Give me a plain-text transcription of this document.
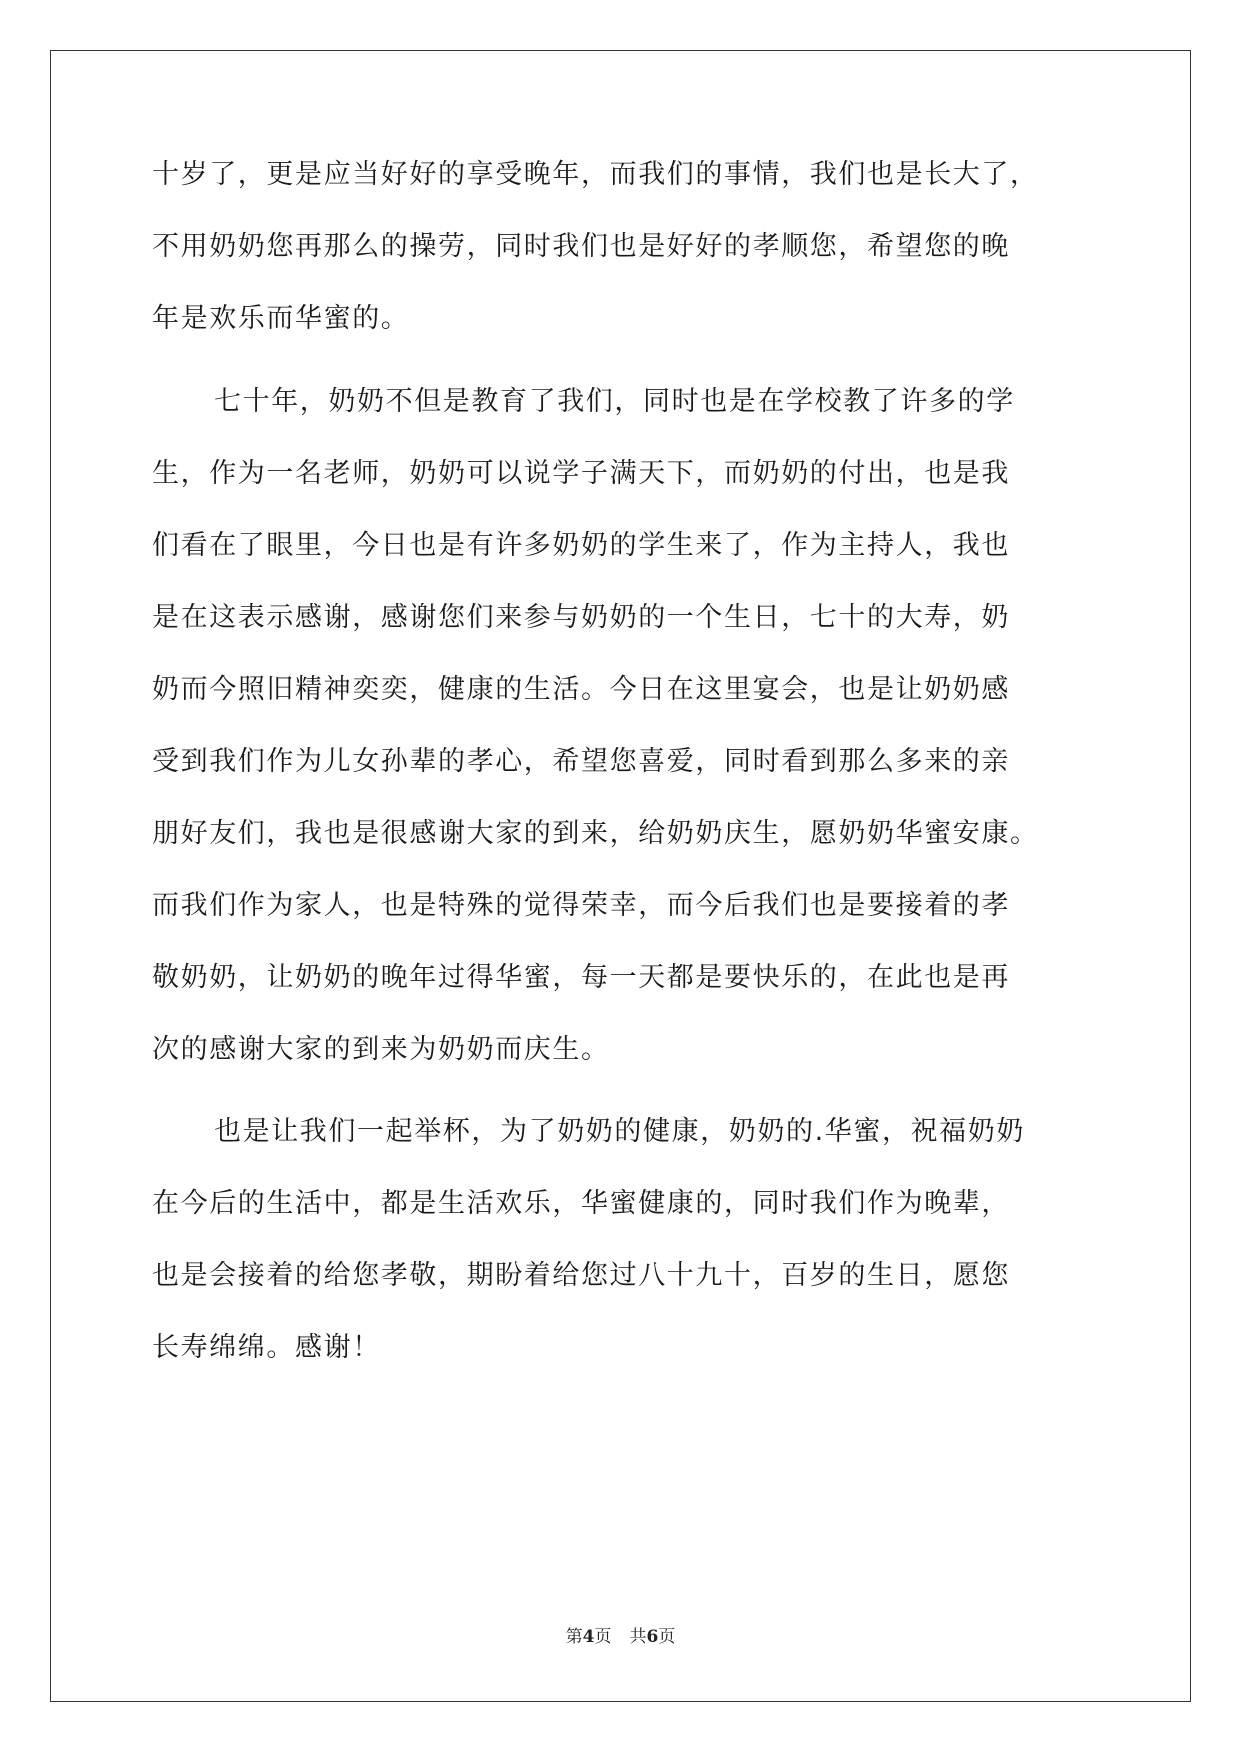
十岁了，更是应当好好的享受晚年，而我们的事情，我们也是长大了，
不用奶奶您再那么的操劳，同时我们也是好好的孝顺您，希望您的晚
年是欢乐而华蜜的。
七十年，奶奶不但是教育了我们，同时也是在学校教了许多的学
生，作为一名老师，奶奶可以说学子满天下，而奶奶的付出，也是我
们看在了眼里，今日也是有许多奶奶的学生来了，作为主持人，我也
是在这表示感谢，感谢您们来参与奶奶的一个生日，七十的大寿，奶
奶而今照旧精神奕奕，健康的生活。今日在这里宴会，也是让奶奶感
受到我们作为儿女孙辈的孝心，希望您喜爱，同时看到那么多来的亲
朋好友们，我也是很感谢大家的到来，给奶奶庆生，愿奶奶华蜜安康。
而我们作为家人，也是特殊的觉得荣幸，而今后我们也是要接着的孝
敬奶奶，让奶奶的晚年过得华蜜，每一天都是要快乐的，在此也是再
次的感谢大家的到来为奶奶而庆生。
也是让我们一起举杯，为了奶奶的健康，奶奶的.华蜜，祝福奶奶
在今后的生活中，都是生活欢乐，华蜜健康的，同时我们作为晚辈，
也是会接着的给您孝敬，期盼着给您过八十九十，百岁的生日，愿您
长寿绵绵。感谢！
第4页 共6页
